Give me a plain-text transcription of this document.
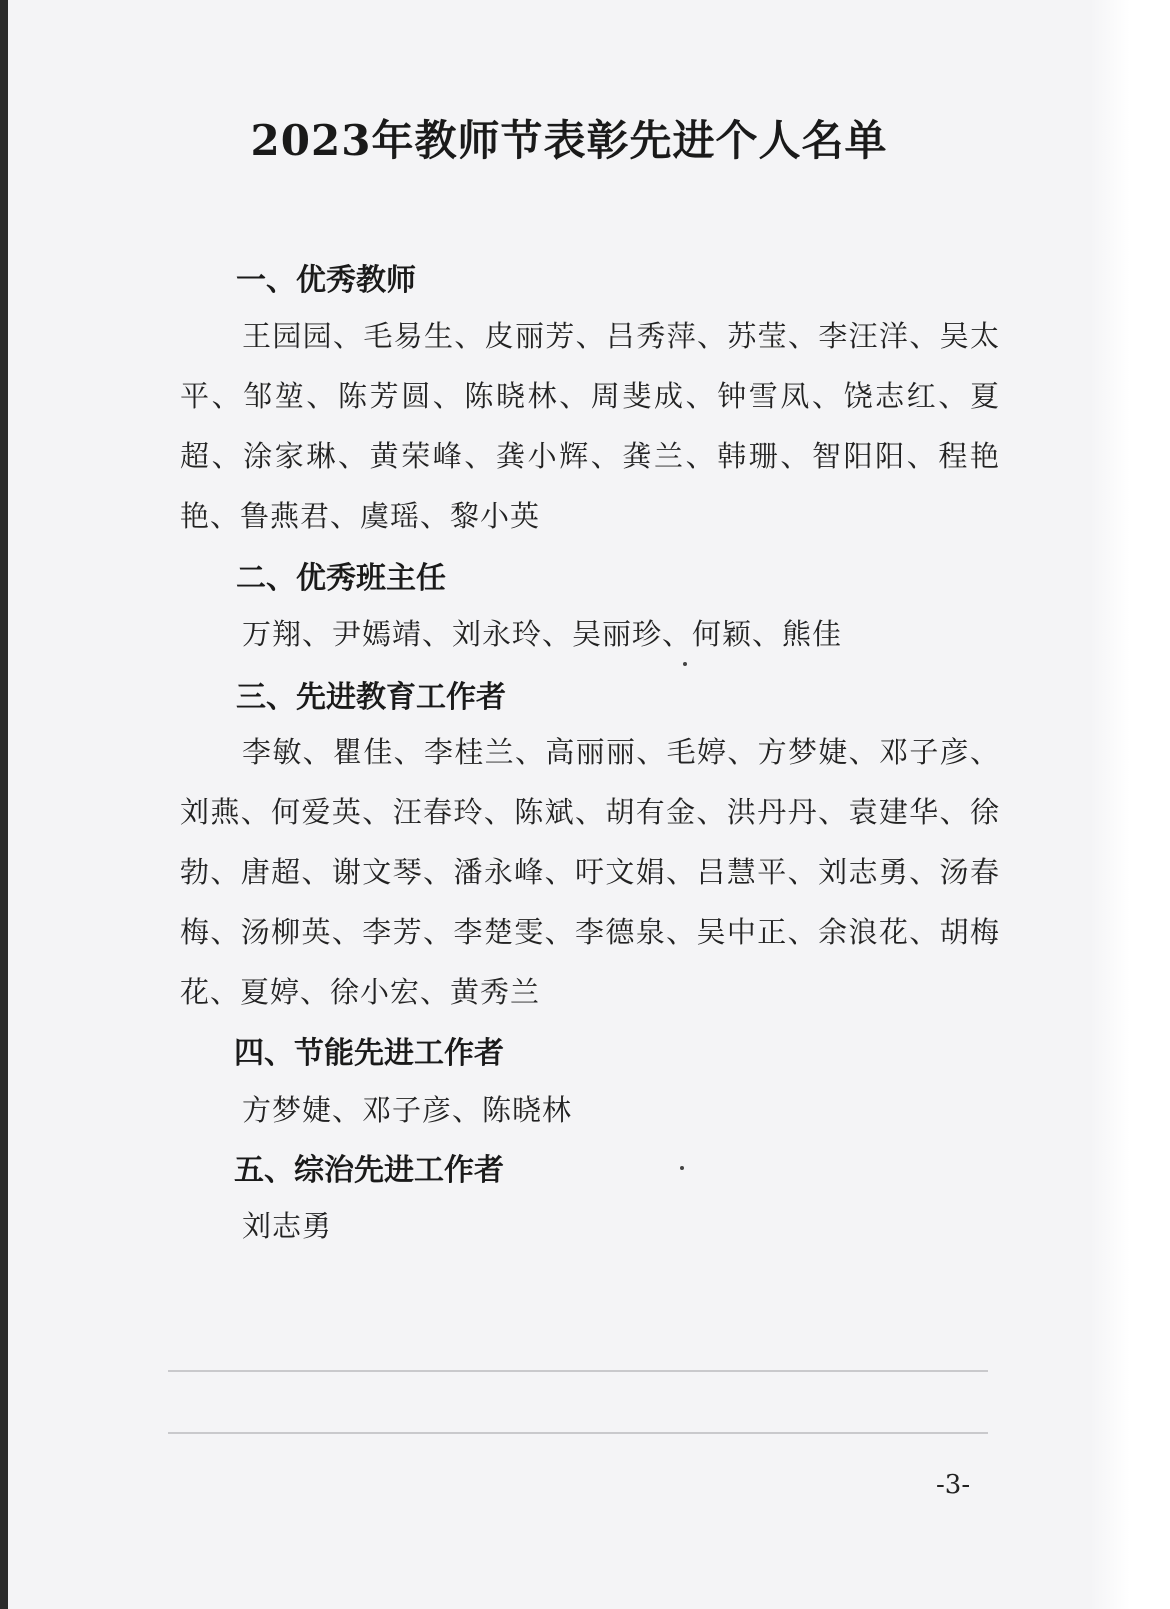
2023年教师节表彰先进个人名单
一、优秀教师
王园园、毛易生、皮丽芳、吕秀萍、苏莹、李汪洋、吴太平、邹堃、陈芳圆、陈晓林、周斐成、钟雪凤、饶志红、夏超、涂家琳、黄荣峰、龚小辉、龚兰、韩珊、智阳阳、程艳艳、鲁燕君、虞瑶、黎小英
二、优秀班主任
万翔、尹嫣靖、刘永玲、吴丽珍、何颖、熊佳
三、先进教育工作者
李敏、瞿佳、李桂兰、高丽丽、毛婷、方梦婕、邓子彦、刘燕、何爱英、汪春玲、陈斌、胡有金、洪丹丹、袁建华、徐勃、唐超、谢文琴、潘永峰、吁文娟、吕慧平、刘志勇、汤春梅、汤柳英、李芳、李楚雯、李德泉、吴中正、余浪花、胡梅花、夏婷、徐小宏、黄秀兰
四、节能先进工作者
方梦婕、邓子彦、陈晓林
五、综治先进工作者
刘志勇
-3-
